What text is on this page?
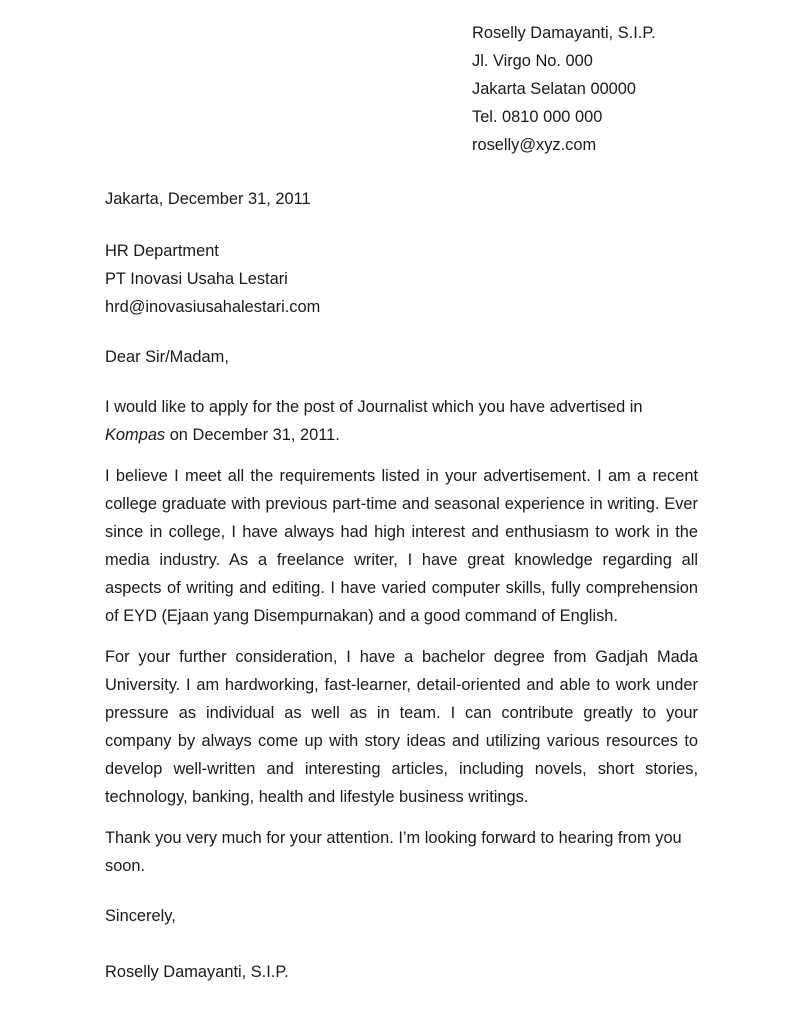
Roselly Damayanti, S.I.P.
Jl. Virgo No. 000
Jakarta Selatan 00000
Tel. 0810 000 000
roselly@xyz.com
Jakarta, December 31, 2011
HR Department
PT Inovasi Usaha Lestari
hrd@inovasiusahalestari.com
Dear Sir/Madam,

I would like to apply for the post of Journalist which you have advertised in Kompas on December 31, 2011.

I believe I meet all the requirements listed in your advertisement. I am a recent college graduate with previous part-time and seasonal experience in writing. Ever since in college, I have always had high interest and enthusiasm to work in the media industry. As a freelance writer, I have great knowledge regarding all aspects of writing and editing. I have varied computer skills, fully comprehension of EYD (Ejaan yang Disempurnakan) and a good command of English.

For your further consideration, I have a bachelor degree from Gadjah Mada University. I am hardworking, fast-learner, detail-oriented and able to work under pressure as individual as well as in team. I can contribute greatly to your company by always come up with story ideas and utilizing various resources to develop well-written and interesting articles, including novels, short stories, technology, banking, health and lifestyle business writings.

Thank you very much for your attention. I’m looking forward to hearing from you soon.

Sincerely,
Roselly Damayanti, S.I.P.
